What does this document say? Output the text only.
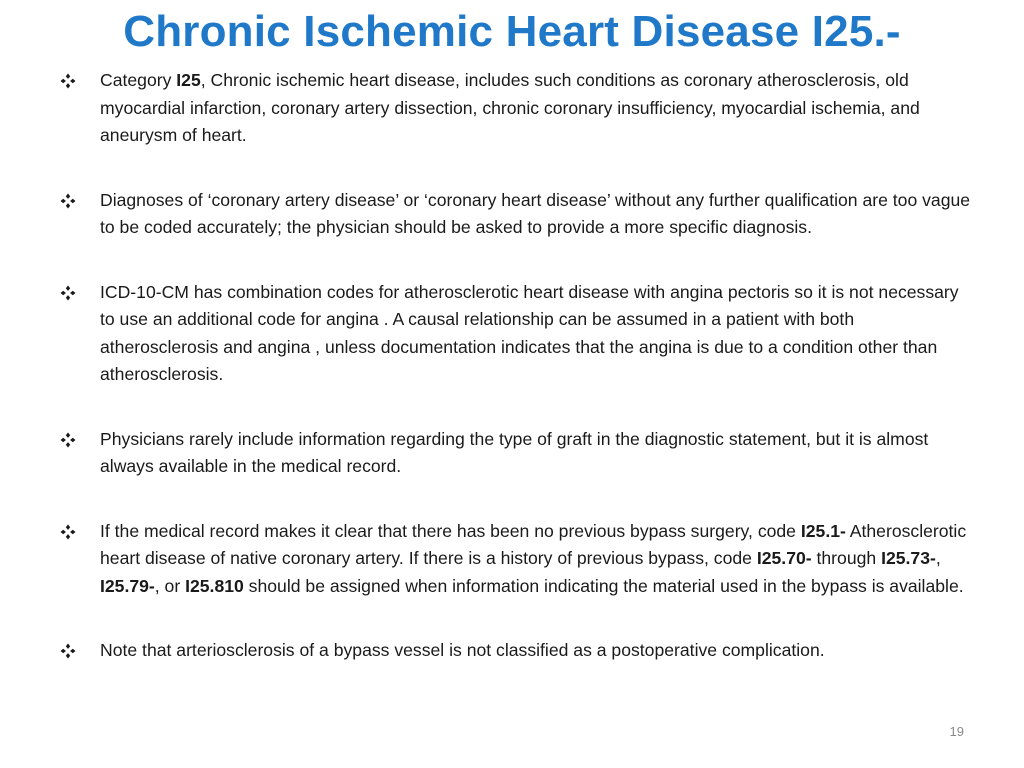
Chronic Ischemic Heart Disease I25.-
Category I25, Chronic ischemic heart disease, includes such conditions as coronary atherosclerosis, old myocardial infarction, coronary artery dissection, chronic coronary insufficiency, myocardial ischemia, and aneurysm of heart.
Diagnoses of ‘coronary artery disease’ or ‘coronary heart disease’ without any further qualification are too vague to be coded accurately; the physician should be asked to provide a more specific diagnosis.
ICD-10-CM has combination codes for atherosclerotic heart disease with angina pectoris so it is not necessary to use an additional code for angina . A causal relationship can be assumed in a patient with both atherosclerosis and angina , unless documentation indicates that the angina is due to a condition other than atherosclerosis.
Physicians rarely include information regarding the type of graft in the diagnostic statement, but it is almost always available in the medical record.
If the medical record makes it clear that there has been no previous bypass surgery, code I25.1- Atherosclerotic heart disease of native coronary artery. If there is a history of previous bypass, code I25.70- through I25.73-, I25.79-, or I25.810 should be assigned when information indicating the material used in the bypass is available.
Note that arteriosclerosis of a bypass vessel is not classified as a postoperative complication.
19
